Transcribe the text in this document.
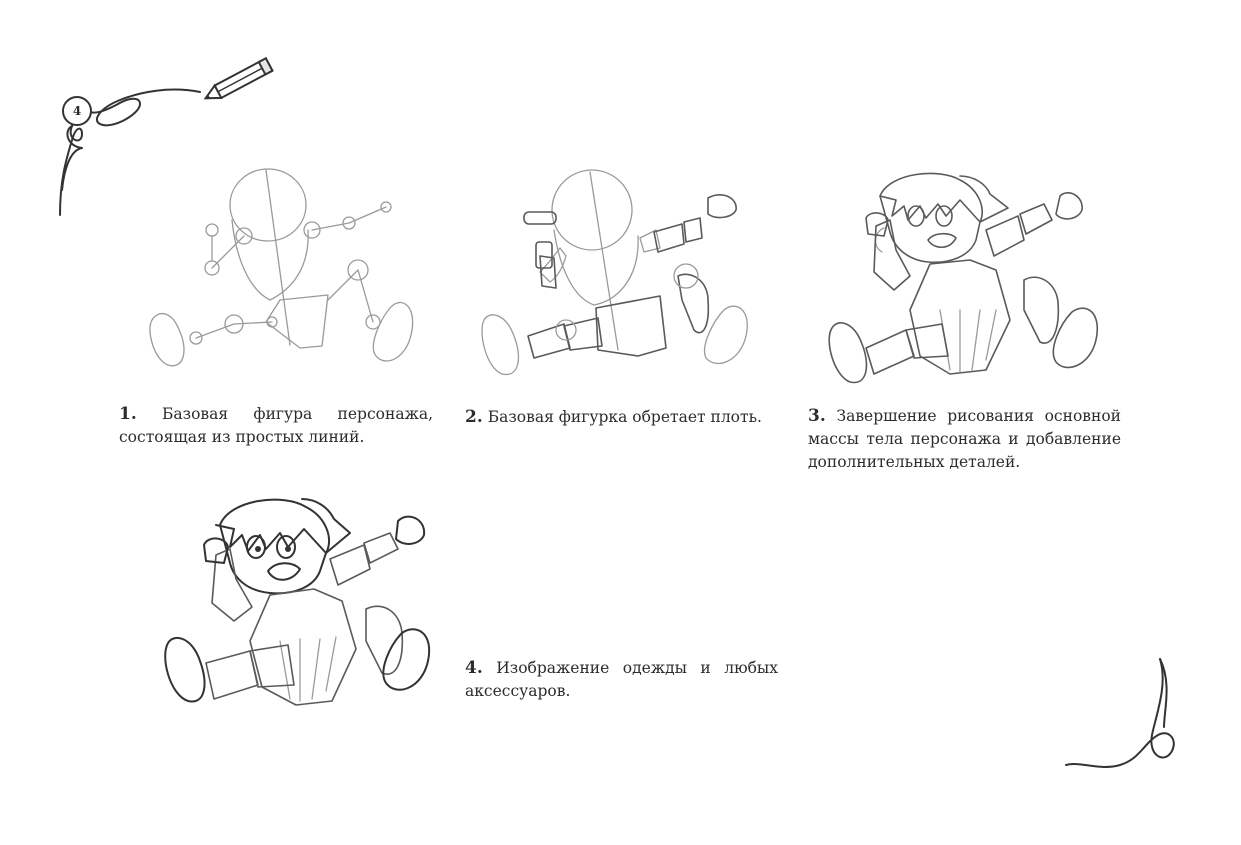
4
1. Базовая фигура персонажа, состоящая из простых линий.
2. Базовая фигурка обретает плоть.	3. Завершение рисования основной массы тела персонажа и добавление дополнительных деталей.
4. Изображение одежды и любых аксессуаров.
